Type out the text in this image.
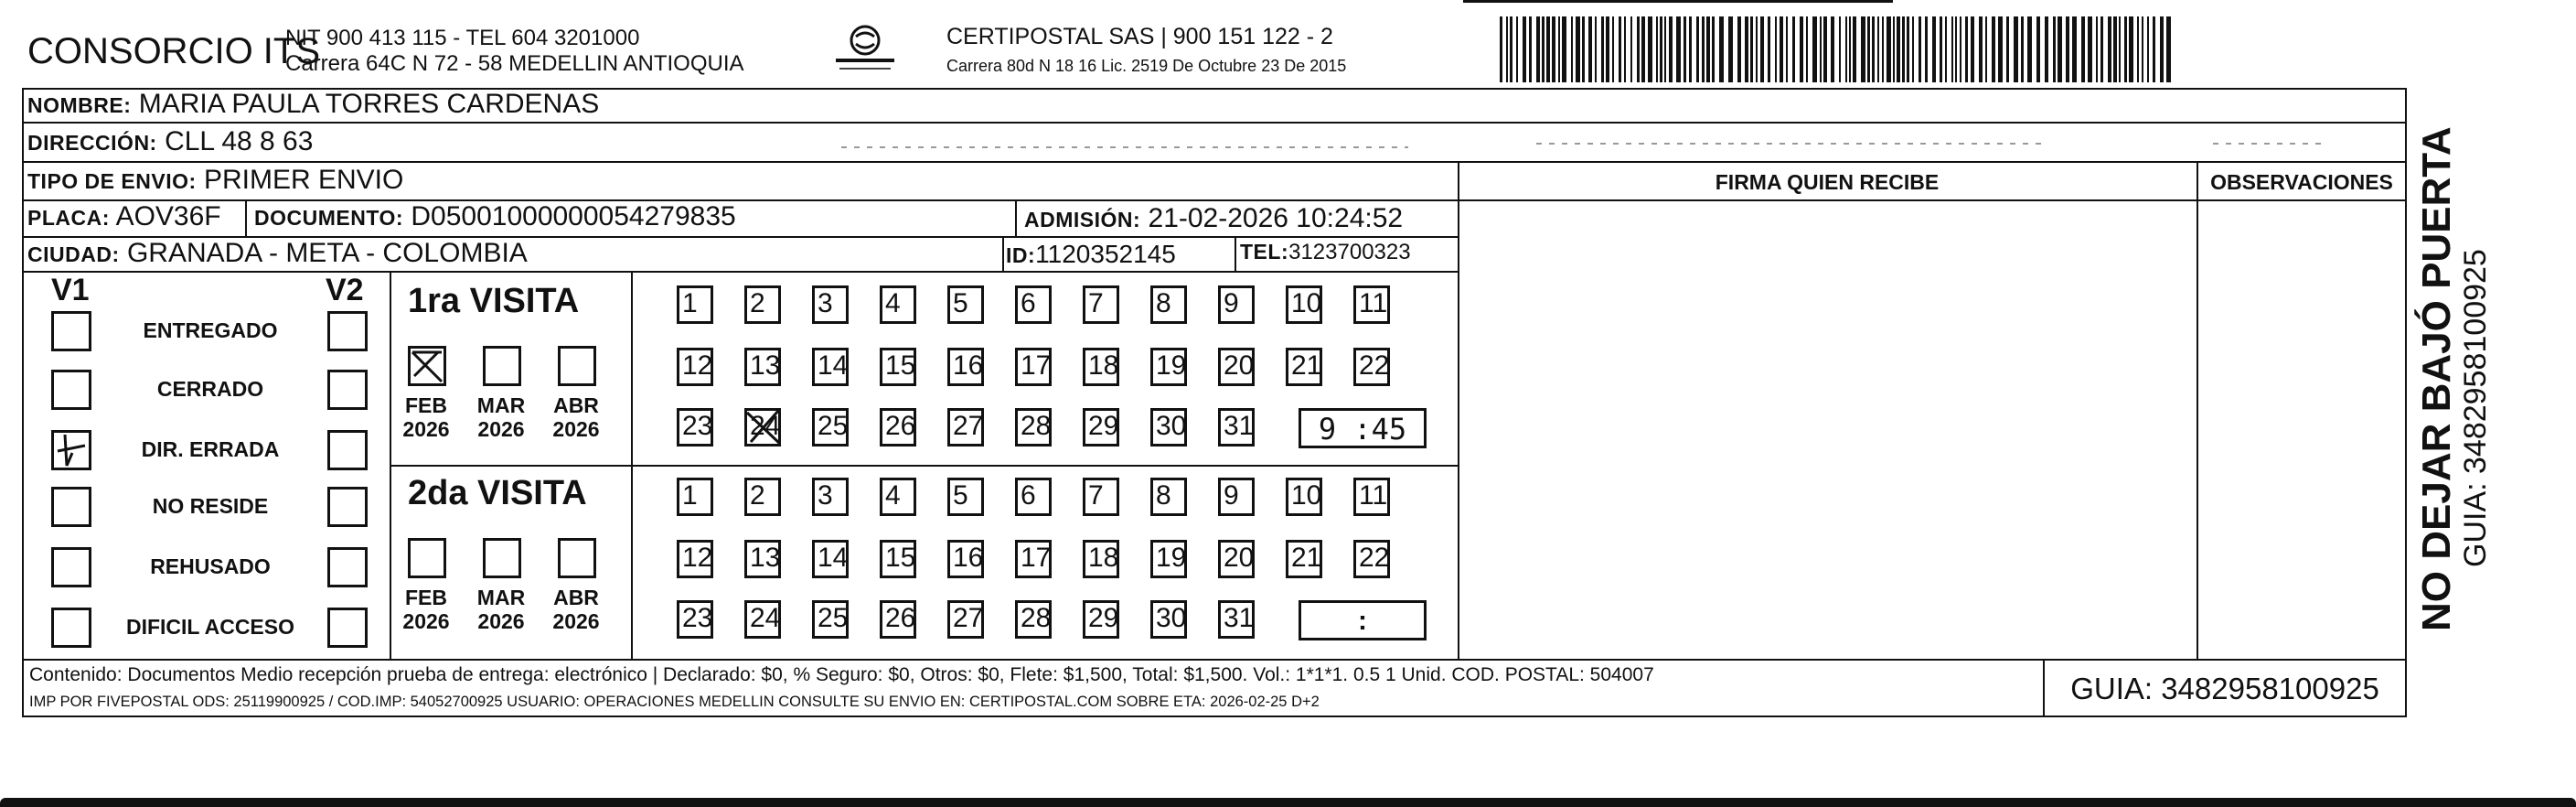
CONSORCIO ITS
NIT 900 413 115 - TEL 604 3201000
Carrera 64C N 72 - 58 MEDELLIN ANTIOQUIA
CERTIPOSTAL SAS | 900 151 122 - 2
Carrera 80d N 18 16 Lic. 2519 De Octubre 23 De 2015
NOMBRE: MARIA PAULA TORRES CARDENAS
DIRECCIÓN: CLL 48 8 63
TIPO DE ENVIO: PRIMER ENVIO	FIRMA QUIEN RECIBE	OBSERVACIONES
PLACA: AOV36F DOCUMENTO: D05001000000054279835	ADMISIÓN: 21-02-2026 10:24:52
CIUDAD: GRANADA - META - COLOMBIA	ID:1120352145	TEL:3123700323
V1	V2
ENTREGADO
CERRADO
DIR. ERRADA
NO RESIDE
REHUSADO
DIFICIL ACCESO
1ra VISITA
2da VISITA
FEB
2026
MAR
2026
ABR
2026
FEB
2026
MAR
2026
ABR
2026
1	2	3	4	5	6	7	8	9	10 11
12 13 14 15 16 17 18 19 20 21 22
23 24 25 26 27 28 29 30 31
1	2	3	4	5	6	7	8	9	10 11
12 13 14 15 16 17 18 19 20 21 22
23 24 25 26 27 28 29 30 31
9 :45
:
Contenido: Documentos Medio recepción prueba de entrega: electrónico | Declarado: $0, % Seguro: $0, Otros: $0, Flete: $1,500, Total: $1,500. Vol.: 1*1*1. 0.5 1 Unid. COD. POSTAL: 504007
IMP POR FIVEPOSTAL ODS: 25119900925 / COD.IMP: 54052700925 USUARIO: OPERACIONES MEDELLIN CONSULTE SU ENVIO EN: CERTIPOSTAL.COM SOBRE ETA: 2026-02-25 D+2	GUIA: 3482958100925
NO DEJAR BAJÓ PUERTA GUIA: 3482958100925
